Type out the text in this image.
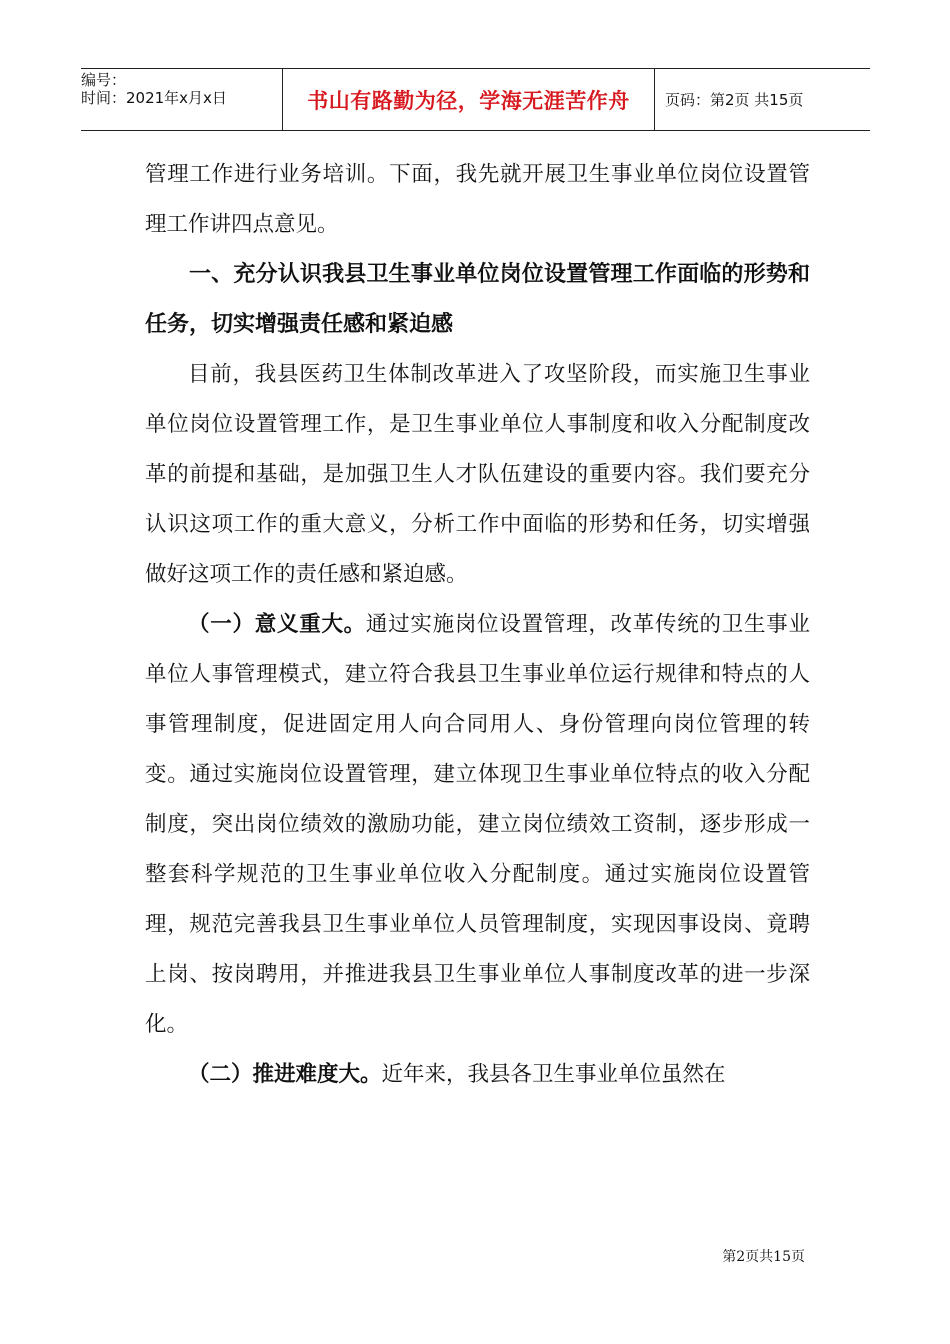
编号：
时间：2021年x月x日	书山有路勤为径，学海无涯苦作舟	页码：第2页 共15页

管理工作进行业务培训。下面，我先就开展卫生事业单位岗位设置管理工作讲四点意见。

一、充分认识我县卫生事业单位岗位设置管理工作面临的形势和任务，切实增强责任感和紧迫感

目前，我县医药卫生体制改革进入了攻坚阶段，而实施卫生事业单位岗位设置管理工作，是卫生事业单位人事制度和收入分配制度改革的前提和基础，是加强卫生人才队伍建设的重要内容。我们要充分认识这项工作的重大意义，分析工作中面临的形势和任务，切实增强做好这项工作的责任感和紧迫感。

（一）意义重大。通过实施岗位设置管理，改革传统的卫生事业单位人事管理模式，建立符合我县卫生事业单位运行规律和特点的人事管理制度，促进固定用人向合同用人、身份管理向岗位管理的转变。通过实施岗位设置管理，建立体现卫生事业单位特点的收入分配制度，突出岗位绩效的激励功能，建立岗位绩效工资制，逐步形成一整套科学规范的卫生事业单位收入分配制度。通过实施岗位设置管理，规范完善我县卫生事业单位人员管理制度，实现因事设岗、竟聘上岗、按岗聘用，并推进我县卫生事业单位人事制度改革的进一步深化。

（二）推进难度大。近年来，我县各卫生事业单位虽然在

第2页共15页
